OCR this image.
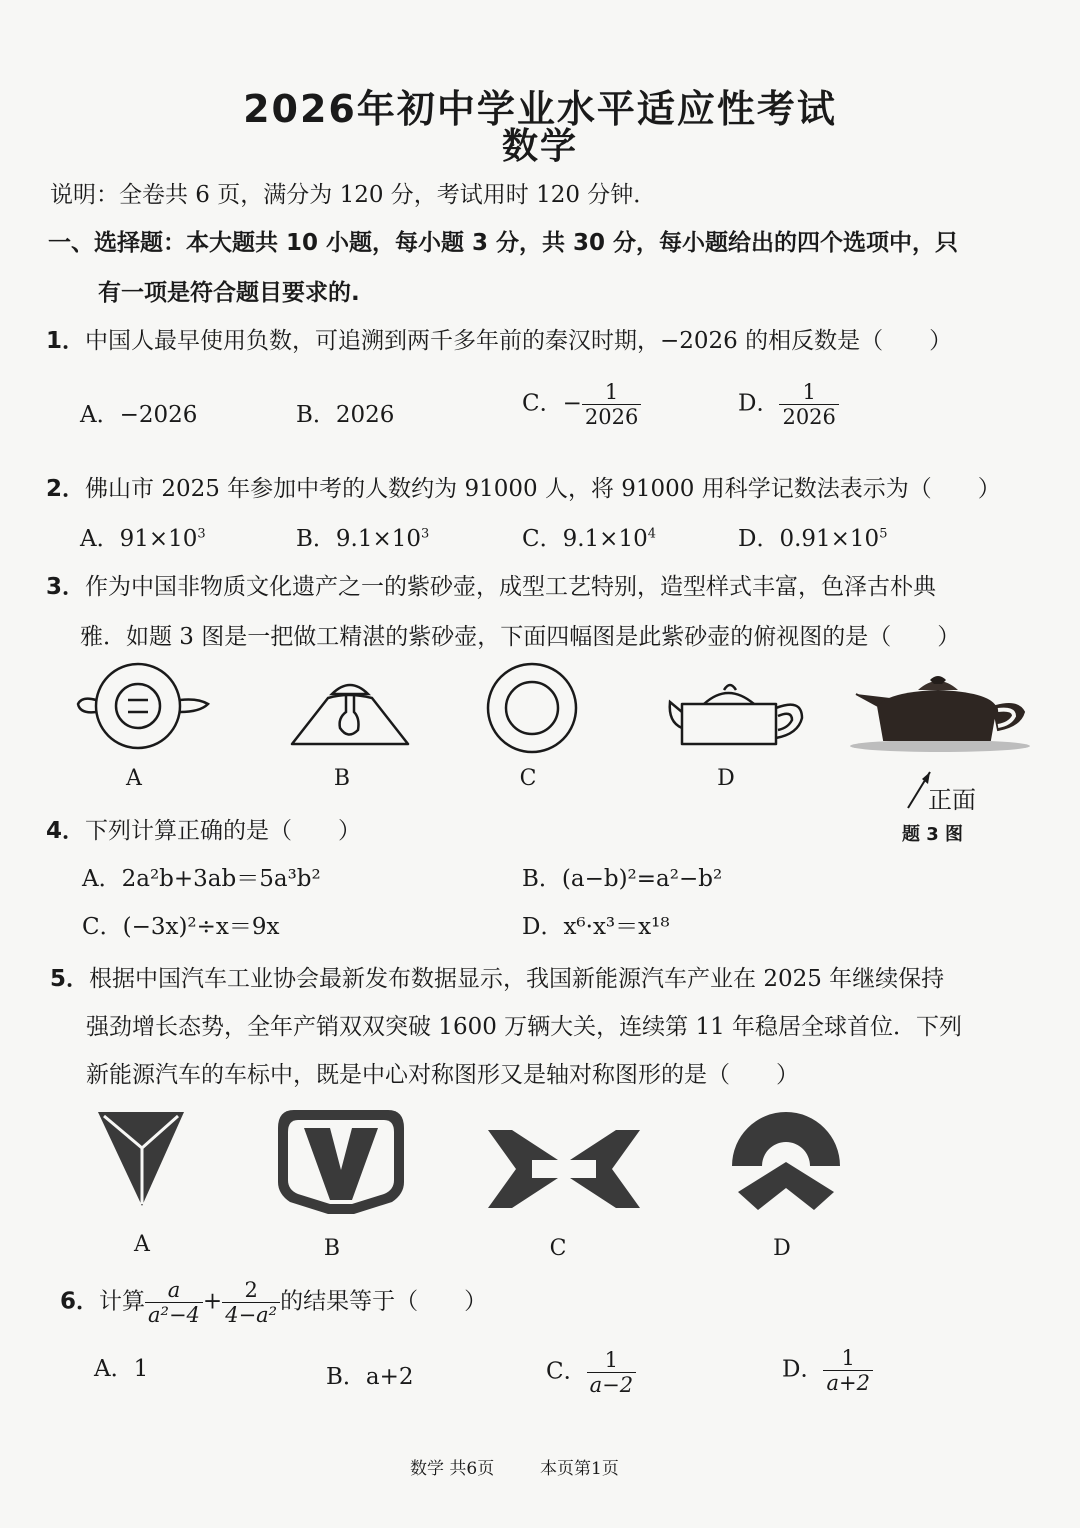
2026年初中学业水平适应性考试
数学
说明：全卷共 6 页，满分为 120 分，考试用时 120 分钟．
一、选择题：本大题共 10 小题，每小题 3 分，共 30 分，每小题给出的四个选项中，只
有一项是符合题目要求的.
1．中国人最早使用负数，可追溯到两千多年前的秦汉时期，−2026 的相反数是（　　）
A．−2026	B．2026	C．− $\frac{1}{2026}$	D． $\frac{1}{2026}$
2．佛山市 2025 年参加中考的人数约为 91000 人，将 91000 用科学记数法表示为（　　）
A．$91\times 10^3$	B．$9.1\times 10^3$	C．$9.1\times 10^4$	D．$0.91\times 10^5$
3．作为中国非物质文化遗产之一的紫砂壶，成型工艺特别，造型样式丰富，色泽古朴典
雅．如题 3 图是一把做工精湛的紫砂壶，下面四幅图是此紫砂壶的俯视图的是（　　）
A	B	C	D
正面
题 3 图
4．下列计算正确的是（　　）
A．2a²b+3ab＝5a³b²	B．(a−b)²=a²−b²
C．(−3x)²÷x＝9x	D．x⁶·x³＝x¹⁸
5．根据中国汽车工业协会最新发布数据显示，我国新能源汽车产业在 2025 年继续保持
强劲增长态势，全年产销双双突破 1600 万辆大关，连续第 11 年稳居全球首位．下列
新能源汽车的车标中，既是中心对称图形又是轴对称图形的是（　　）
A	B	C	D
6．计算 $\frac{a}{\text{a²−4}} + \frac{2}{\text{4−a²}}$ 的结果等于（　　）
A．1	B．a+2	C． $\frac{1}{a-2}$	D． $\frac{1}{a+2}$
数学 共6页	本页第1页
